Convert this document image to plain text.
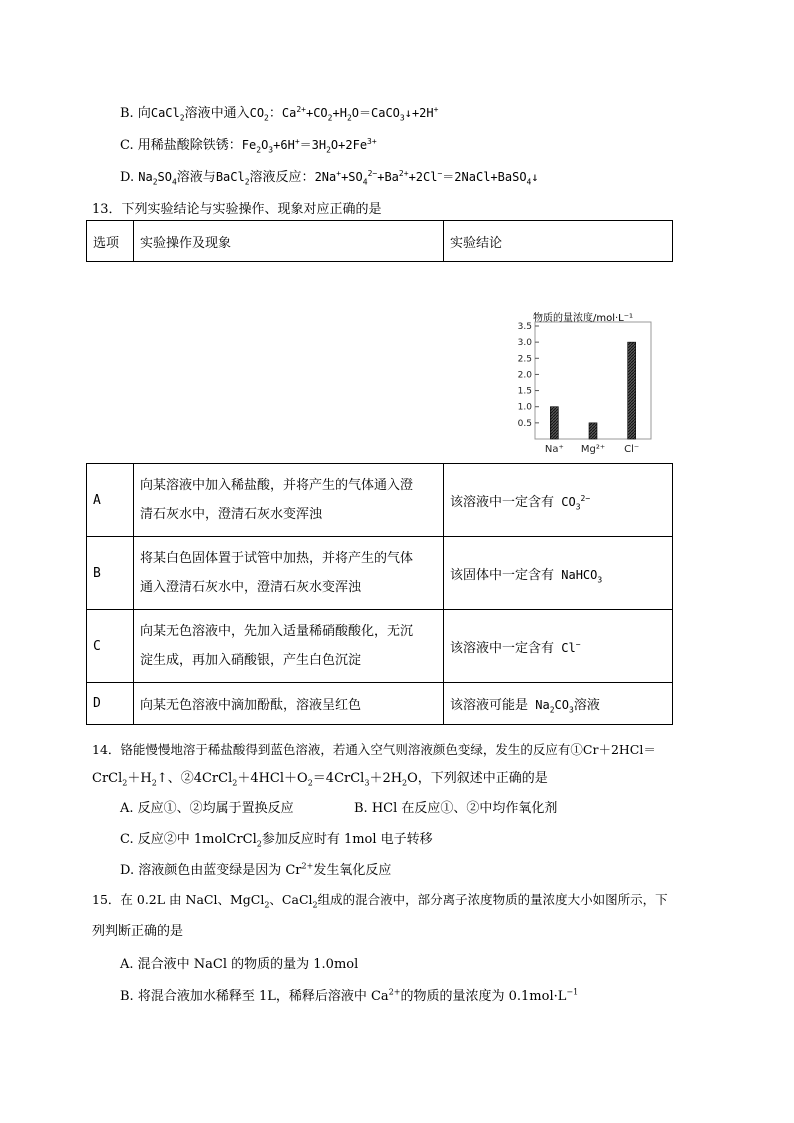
B. 向CaCl$_2$溶液中通入$CO_2$：$Ca^{2+}+CO_2+H_2O=CaCO_3↓+2H^+$
C. 用稀盐酸除铁锈：$Fe_2O_3+6H^+=3H_2O+2Fe^{3+}$
D. $Na_2SO_4$溶液与BaCl$_2$溶液反应：$2Na^++SO_4^{2-}+Ba^{2+}+2Cl^-=2NaCl+BaSO_4↓$
13．下列实验结论与实验操作、现象对应正确的是
选项	实验操作及现象	实验结论
物质的量浓度/mol·L⁻¹
0.5
1.0
1.5
2.0
2.5
3.0
3.5
Na⁺ Mg²⁺ Cl⁻
A	向某溶液中加入稀盐酸，并将产生的气体通入澄
清石灰水中，澄清石灰水变浑浊	该溶液中一定含有 $CO_3^{2-}$
B	将某白色固体置于试管中加热，并将产生的气体
通入澄清石灰水中，澄清石灰水变浑浊	该固体中一定含有 NaHCO$_3$
C	向某无色溶液中，先加入适量稀硝酸酸化，无沉
淀生成，再加入硝酸银，产生白色沉淀	该溶液中一定含有 Cl−
D	向某无色溶液中滴加酚酞，溶液呈红色	该溶液可能是 $Na_2CO_3$溶液
14．铬能慢慢地溶于稀盐酸得到蓝色溶液，若通入空气则溶液颜色变绿，发生的反应有①Cr＋2HCl＝
$CrCl_2+H_2↑$、$②4CrCl_2+4HCl+O_2=4CrCl_3+2H_2O$，下列叙述中正确的是
A. 反应①、②均属于置换反应	B. HCl 在反应①、②中均作氧化剂
C. 反应②中 1molCrCl$_2$参加反应时有 1mol 电子转移
D. 溶液颜色由蓝变绿是因为 $Cr^{2+}$发生氧化反应
15．在 0.2L 由 NaCl、MgCl$_2$、CaCl$_2$组成的混合液中，部分离子浓度物质的量浓度大小如图所示，下
列判断正确的是
A. 混合液中 NaCl 的物质的量为 1.0mol
B. 将混合液加水稀释至 1L，稀释后溶液中 $Ca^{2+}$的物质的量浓度为 $0.1mol\cdot L^{-1}$
